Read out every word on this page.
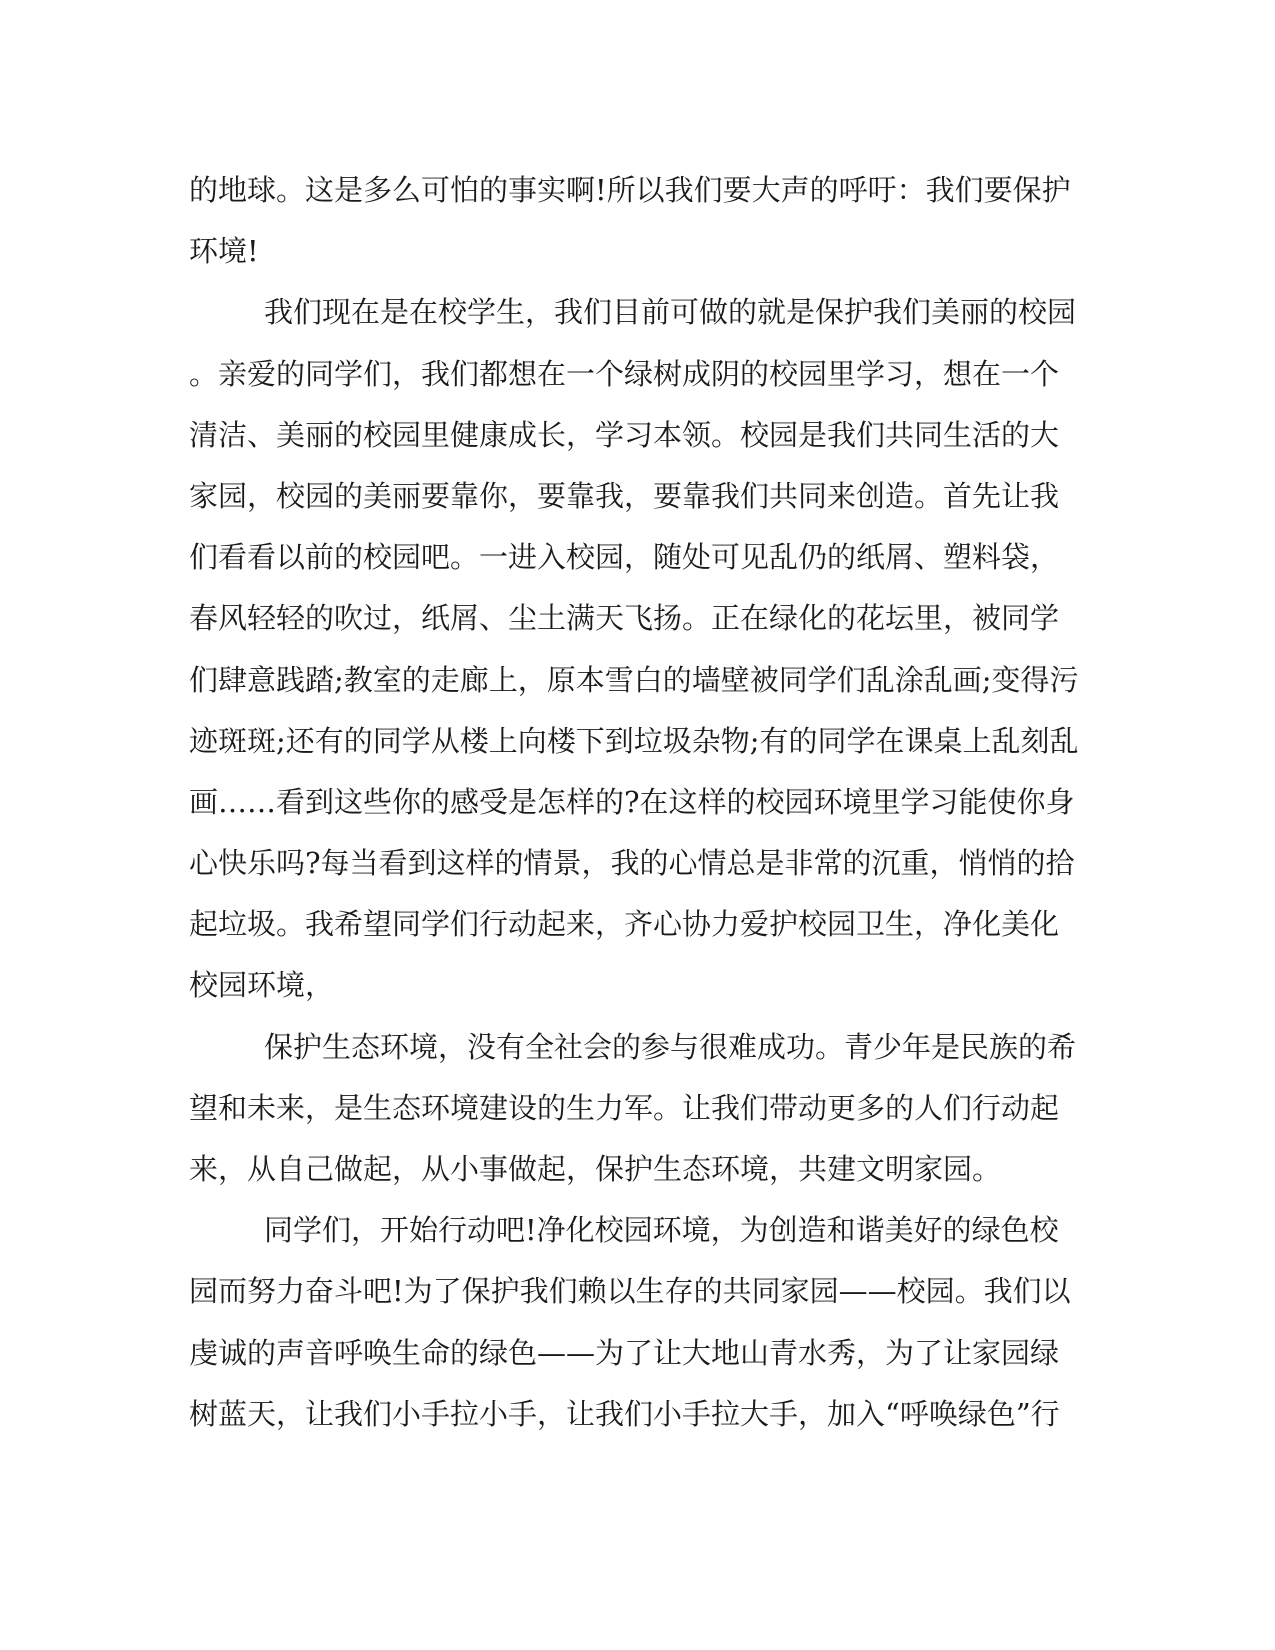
的地球。这是多么可怕的事实啊!所以我们要大声的呼吁：我们要保护
环境!
我们现在是在校学生，我们目前可做的就是保护我们美丽的校园
。亲爱的同学们，我们都想在一个绿树成阴的校园里学习，想在一个
清洁、美丽的校园里健康成长，学习本领。校园是我们共同生活的大
家园，校园的美丽要靠你，要靠我，要靠我们共同来创造。首先让我
们看看以前的校园吧。一进入校园，随处可见乱仍的纸屑、塑料袋，
春风轻轻的吹过，纸屑、尘土满天飞扬。正在绿化的花坛里，被同学
们肆意践踏;教室的走廊上，原本雪白的墙壁被同学们乱涂乱画;变得污
迹斑斑;还有的同学从楼上向楼下到垃圾杂物;有的同学在课桌上乱刻乱
画……看到这些你的感受是怎样的?在这样的校园环境里学习能使你身
心快乐吗?每当看到这样的情景，我的心情总是非常的沉重，悄悄的拾
起垃圾。我希望同学们行动起来，齐心协力爱护校园卫生，净化美化
校园环境，
保护生态环境，没有全社会的参与很难成功。青少年是民族的希
望和未来，是生态环境建设的生力军。让我们带动更多的人们行动起
来，从自己做起，从小事做起，保护生态环境，共建文明家园。
同学们，开始行动吧!净化校园环境，为创造和谐美好的绿色校
园而努力奋斗吧!为了保护我们赖以生存的共同家园——校园。我们以
虔诚的声音呼唤生命的绿色——为了让大地山青水秀，为了让家园绿
树蓝天，让我们小手拉小手，让我们小手拉大手，加入“呼唤绿色”行
